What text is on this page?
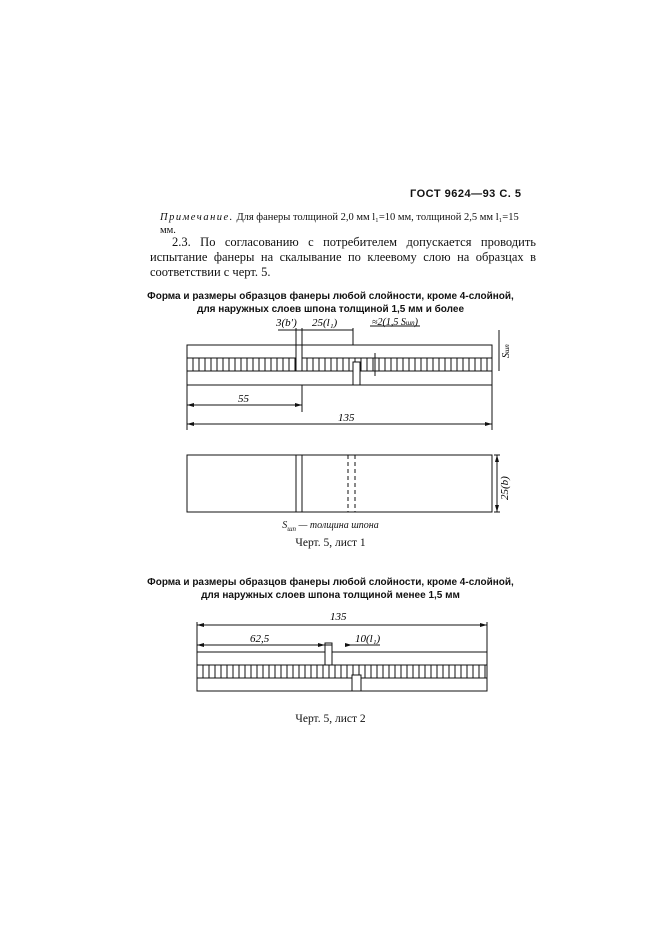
ГОСТ 9624—93 С. 5
Примечание. Для фанеры толщиной 2,0 мм l₁=10 мм, толщиной 2,5 мм l₁=15 мм.
2.3. По согласованию с потребителем допускается проводить испытание фанеры на скалывание по клеевому слою на образцах в соответствии с черт. 5.
Форма и размеры образцов фанеры любой слойности, кроме 4-слойной,
для наружных слоев шпона толщиной 1,5 мм и более
3(b′) 25(l₁)	≈2(1,5 Sшп)
55
135
Sшп
25(b)
135
62,5	10(l₁)
$S_{шп}$ — толщина шпона
Черт. 5, лист 1
Форма и размеры образцов фанеры любой слойности, кроме 4-слойной,
для наружных слоев шпона толщиной менее 1,5 мм
Черт. 5, лист 2
